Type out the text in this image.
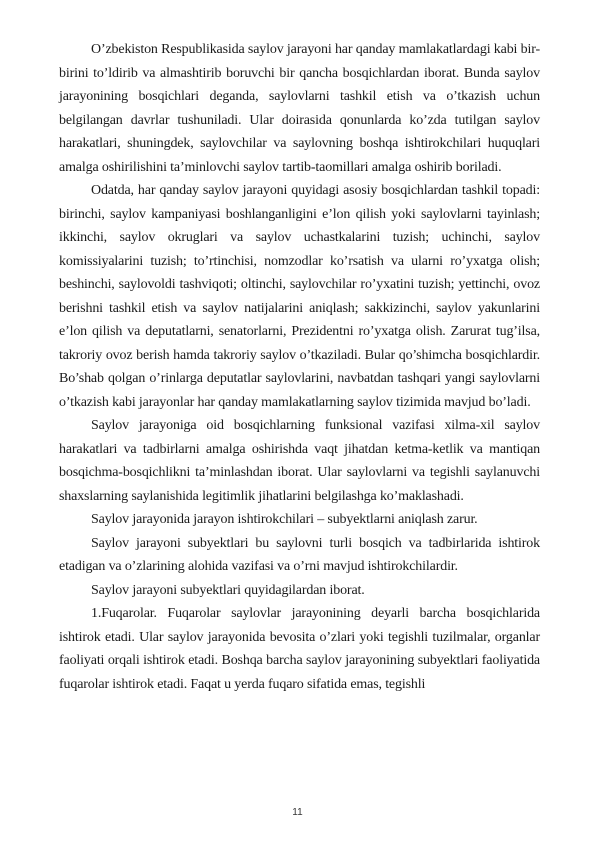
O’zbekiston Respublikasida saylov jarayoni har qanday mamlakatlardagi kabi bir-birini to’ldirib va almashtirib boruvchi bir qancha bosqichlardan iborat. Bunda saylov jarayonining bosqichlari deganda, saylovlarni tashkil etish va o’tkazish uchun belgilangan davrlar tushuniladi. Ular doirasida qonunlarda ko’zda tutilgan saylov harakatlari, shuningdek, saylovchilar va saylovning boshqa ishtirokchilari huquqlari amalga oshirilishini ta’minlovchi saylov tartib-taomillari amalga oshirib boriladi.

Odatda, har qanday saylov jarayoni quyidagi asosiy bosqichlardan tashkil topadi: birinchi, saylov kampaniyasi boshlanganligini e’lon qilish yoki saylovlarni tayinlash; ikkinchi, saylov okruglari va saylov uchastkalarini tuzish; uchinchi, saylov komissiyalarini tuzish; to’rtinchisi, nomzodlar ko’rsatish va ularni ro’yxatga olish; beshinchi, saylovoldi tashviqoti; oltinchi, saylovchilar ro’yxatini tuzish; yettinchi, ovoz berishni tashkil etish va saylov natijalarini aniqlash; sakkizinchi, saylov yakunlarini e’lon qilish va deputatlarni, senatorlarni, Prezidentni ro’yxatga olish. Zarurat tug’ilsa, takroriy ovoz berish hamda takroriy saylov o’tkaziladi. Bular qo’shimcha bosqichlardir. Bo’shab qolgan o’rinlarga deputatlar saylovlarini, navbatdan tashqari yangi saylovlarni o’tkazish kabi jarayonlar har qanday mamlakatlarning saylov tizimida mavjud bo’ladi.

Saylov jarayoniga oid bosqichlarning funksional vazifasi xilma-xil saylov harakatlari va tadbirlarni amalga oshirishda vaqt jihatdan ketma-ketlik va mantiqan bosqichma-bosqichlikni ta’minlashdan iborat. Ular saylovlarni va tegishli saylanuvchi shaxslarning saylanishida legitimlik jihatlarini belgilashga ko’maklashadi.

Saylov jarayonida jarayon ishtirokchilari – subyektlarni aniqlash zarur.

Saylov jarayoni subyektlari bu saylovni turli bosqich va tadbirlarida ishtirok etadigan va o’zlarining alohida vazifasi va o’rni mavjud ishtirokchilardir.

Saylov jarayoni subyektlari quyidagilardan iborat.

1.Fuqarolar. Fuqarolar saylovlar jarayonining deyarli barcha bosqichlarida ishtirok etadi. Ular saylov jarayonida bevosita o’zlari yoki tegishli tuzilmalar, organlar faoliyati orqali ishtirok etadi. Boshqa barcha saylov jarayonining subyektlari faoliyatida fuqarolar ishtirok etadi. Faqat u yerda fuqaro sifatida emas, tegishli

11
